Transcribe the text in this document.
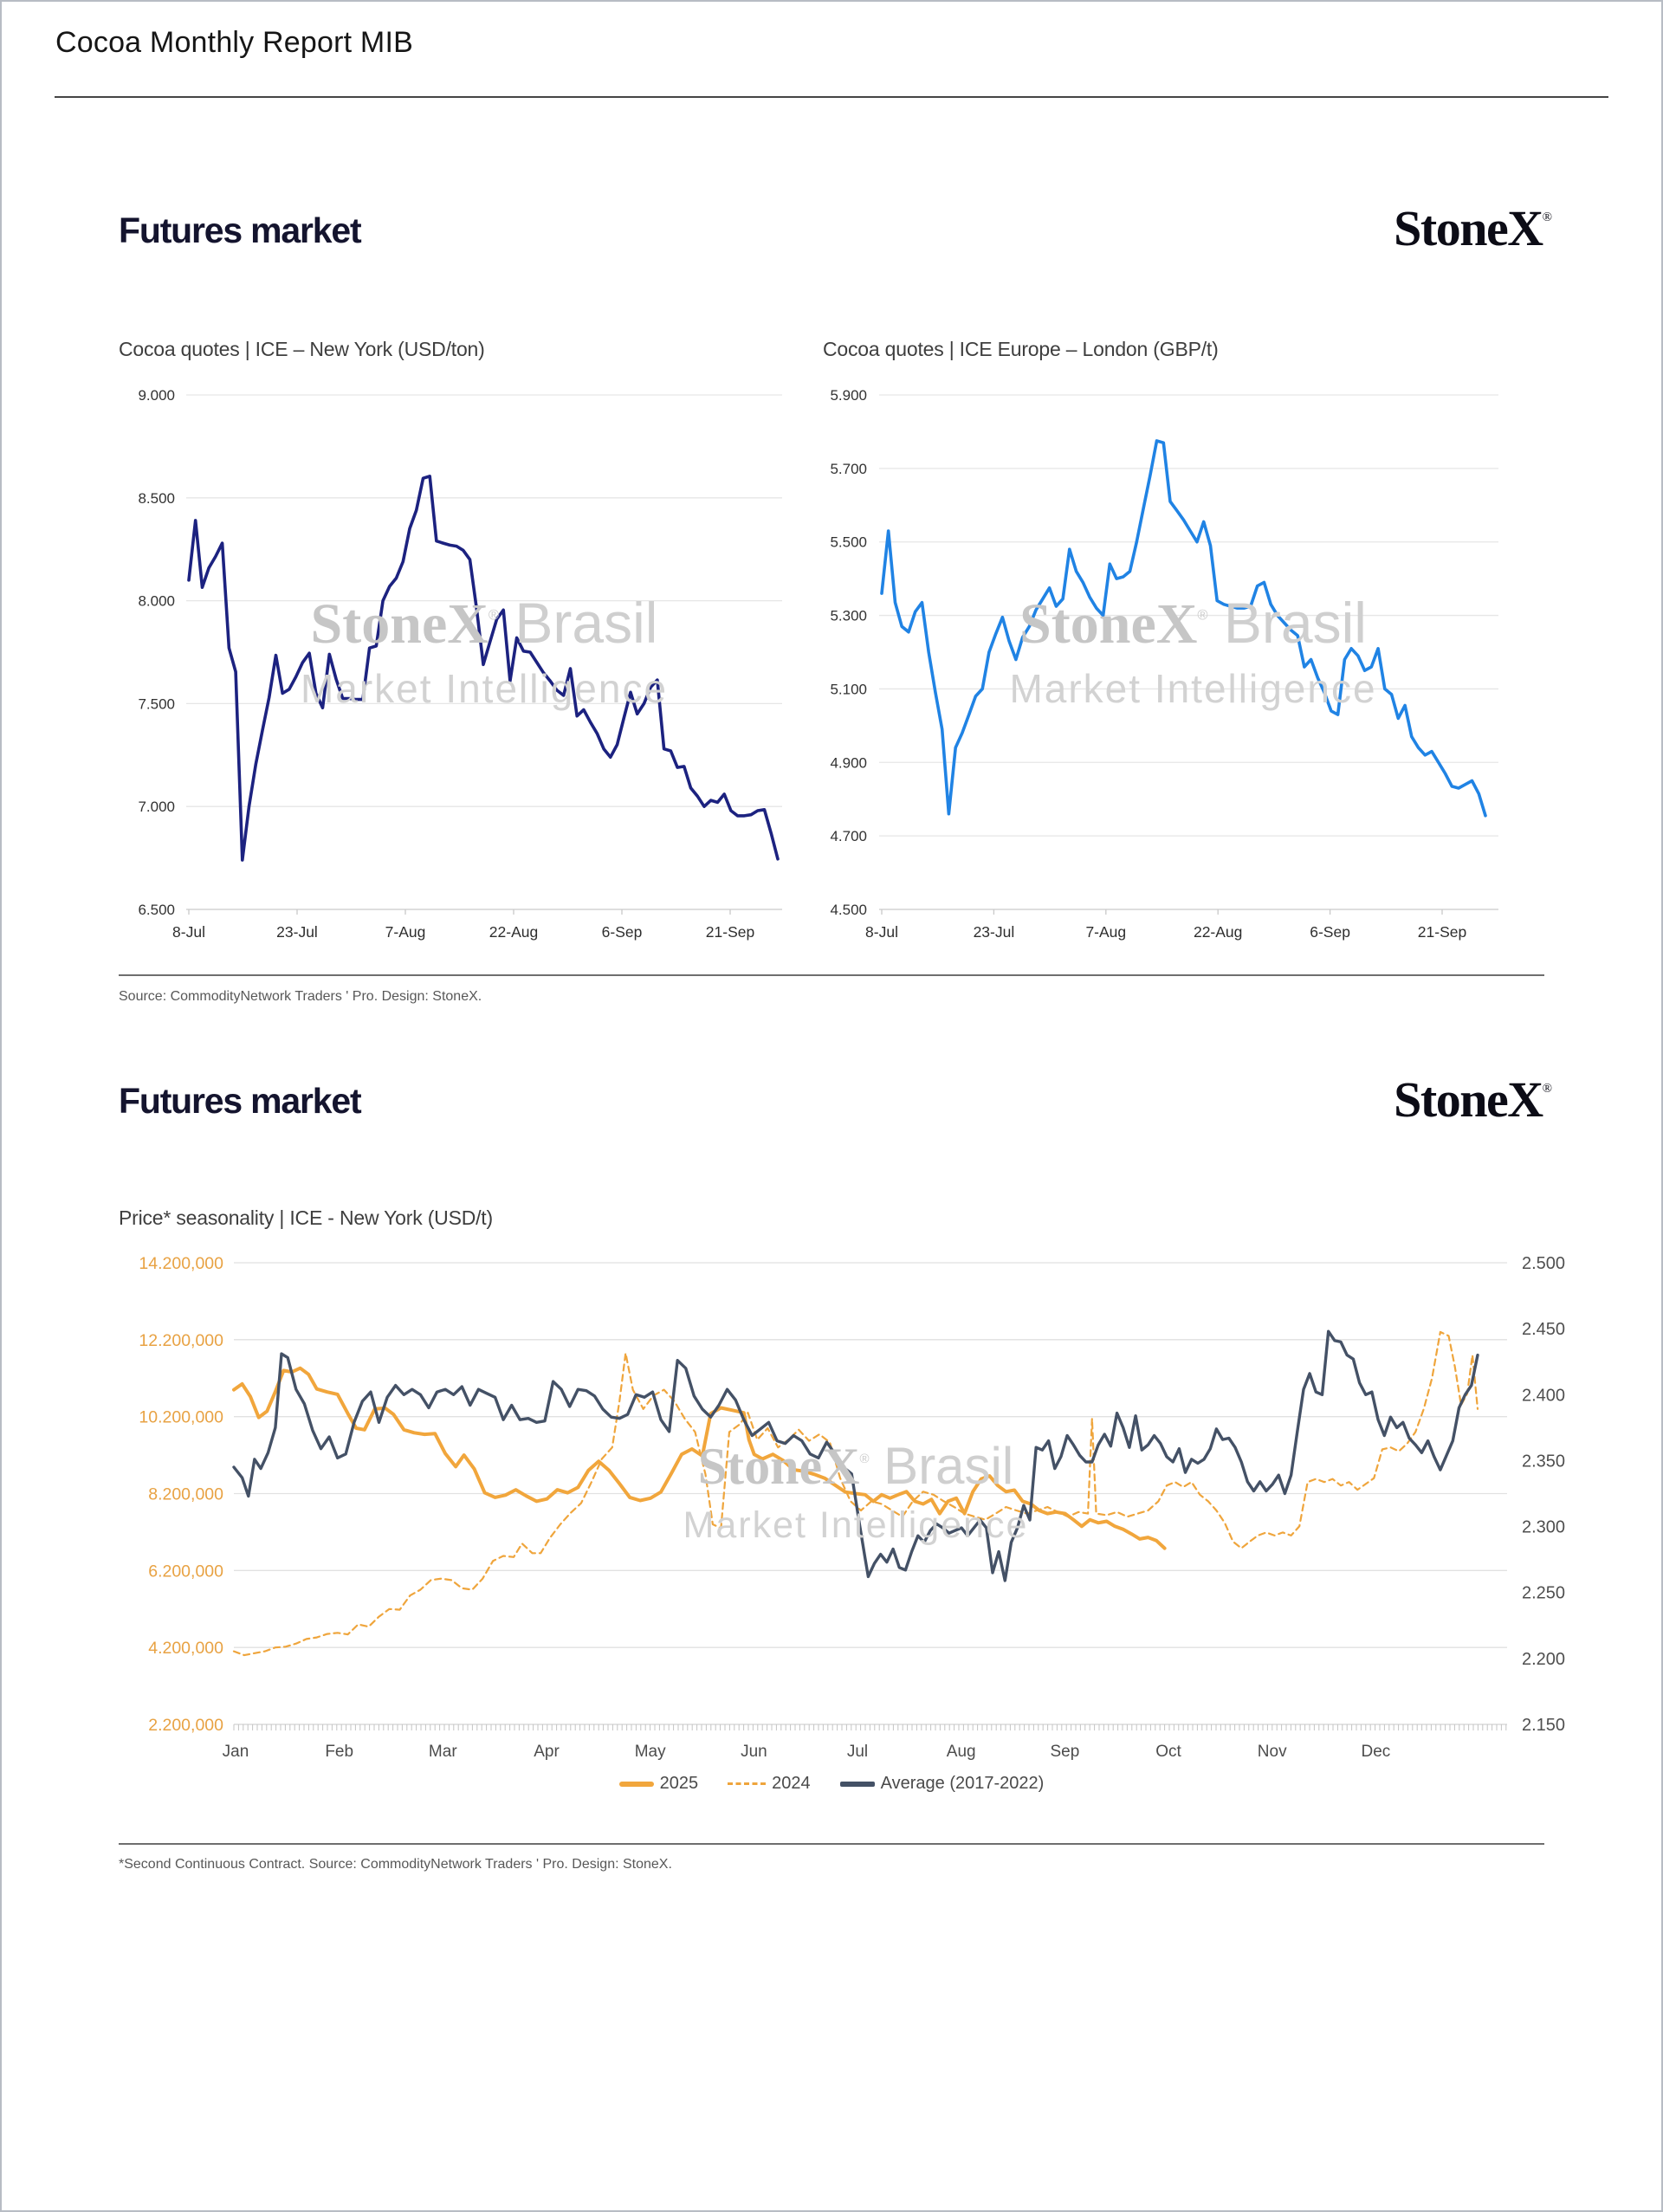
Cocoa Monthly Report MIB
Futures market	StoneX®
Cocoa quotes | ICE – New York (USD/ton)	Cocoa quotes | ICE Europe – London (GBP/t)
9.000
8.500
8.000
7.500
7.000
6.500
8-Jul	23-Jul	7-Aug	22-Aug	6-Sep	21-Sep
5.900
5.700
5.500
5.300
5.100
4.900
4.700
4.500
8-Jul	23-Jul	7-Aug	22-Aug	6-Sep	21-Sep
StoneX® Brasil
Market Intelligence
StoneX® Brasil
Market Intelligence
Source: CommodityNetwork Traders ' Pro. Design: StoneX.
Futures market	StoneX®
Price* seasonality | ICE - New York (USD/t)
14.200,000
12.200,000
10.200,000
8.200,000
6.200,000
4.200,000
2.200,000
2.500
2.450
2.400
2.350
2.300
2.250
2.200
2.150
Jan	Feb	Mar	Apr	May	Jun	Jul	Aug	Sep	Oct	Nov	Dec
StoneX® Brasil
Market Intelligence
2025	2024	Average (2017-2022)
*Second Continuous Contract. Source: CommodityNetwork Traders ' Pro. Design: StoneX.
